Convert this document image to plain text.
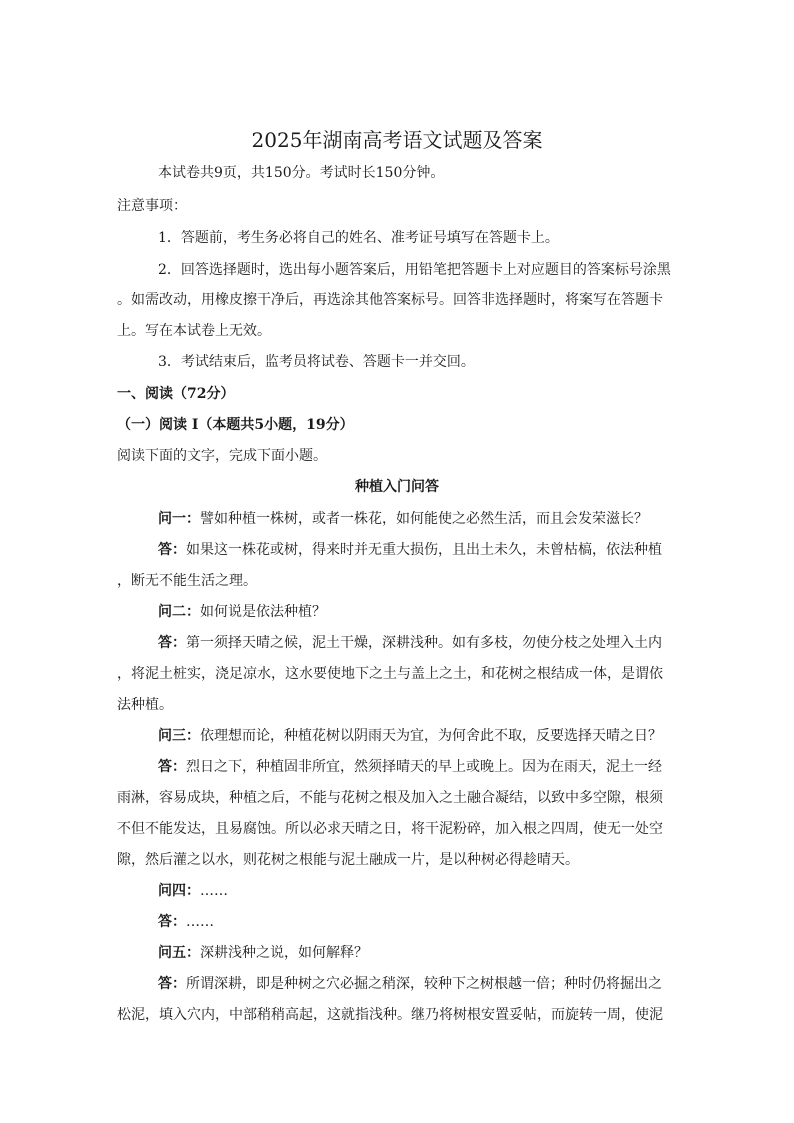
2025年湖南高考语文试题及答案
本试卷共9页，共150分。考试时长150分钟。
注意事项：
1．答题前，考生务必将自己的姓名、准考证号填写在答题卡上。
2．回答选择题时，选出每小题答案后，用铅笔把答题卡上对应题目的答案标号涂黑
。如需改动，用橡皮擦干净后，再选涂其他答案标号。回答非选择题时，将案写在答题卡
上。写在本试卷上无效。
3．考试结束后，监考员将试卷、答题卡一并交回。
一、阅读（72分）
（一）阅读 I（本题共5小题，19分）
阅读下面的文字，完成下面小题。
种植入门问答
问一：譬如种植一株树，或者一株花，如何能使之必然生活，而且会发荣滋长？
答：如果这一株花或树，得来时并无重大损伤，且出土未久，未曾枯槁，依法种植
，断无不能生活之理。
问二：如何说是依法种植？
答：第一须择天晴之候，泥土干燥，深耕浅种。如有多枝，勿使分枝之处埋入土内
，将泥土桩实，浇足凉水，这水要使地下之土与盖上之土，和花树之根结成一体，是谓依
法种植。
问三：依理想而论，种植花树以阴雨天为宜，为何舍此不取，反要选择天晴之日？
答：烈日之下，种植固非所宜，然须择晴天的早上或晚上。因为在雨天，泥土一经
雨淋，容易成块，种植之后，不能与花树之根及加入之土融合凝结，以致中多空隙，根须
不但不能发达，且易腐蚀。所以必求天晴之日，将干泥粉碎，加入根之四周，使无一处空
隙，然后灌之以水，则花树之根能与泥土融成一片，是以种树必得趁晴天。
问四：……
答：……
问五：深耕浅种之说，如何解释？
答：所谓深耕，即是种树之穴必掘之稍深，较种下之树根越一倍；种时仍将掘出之
松泥，填入穴内，中部稍稍高起，这就指浅种。继乃将树根安置妥帖，而旋转一周，使泥
